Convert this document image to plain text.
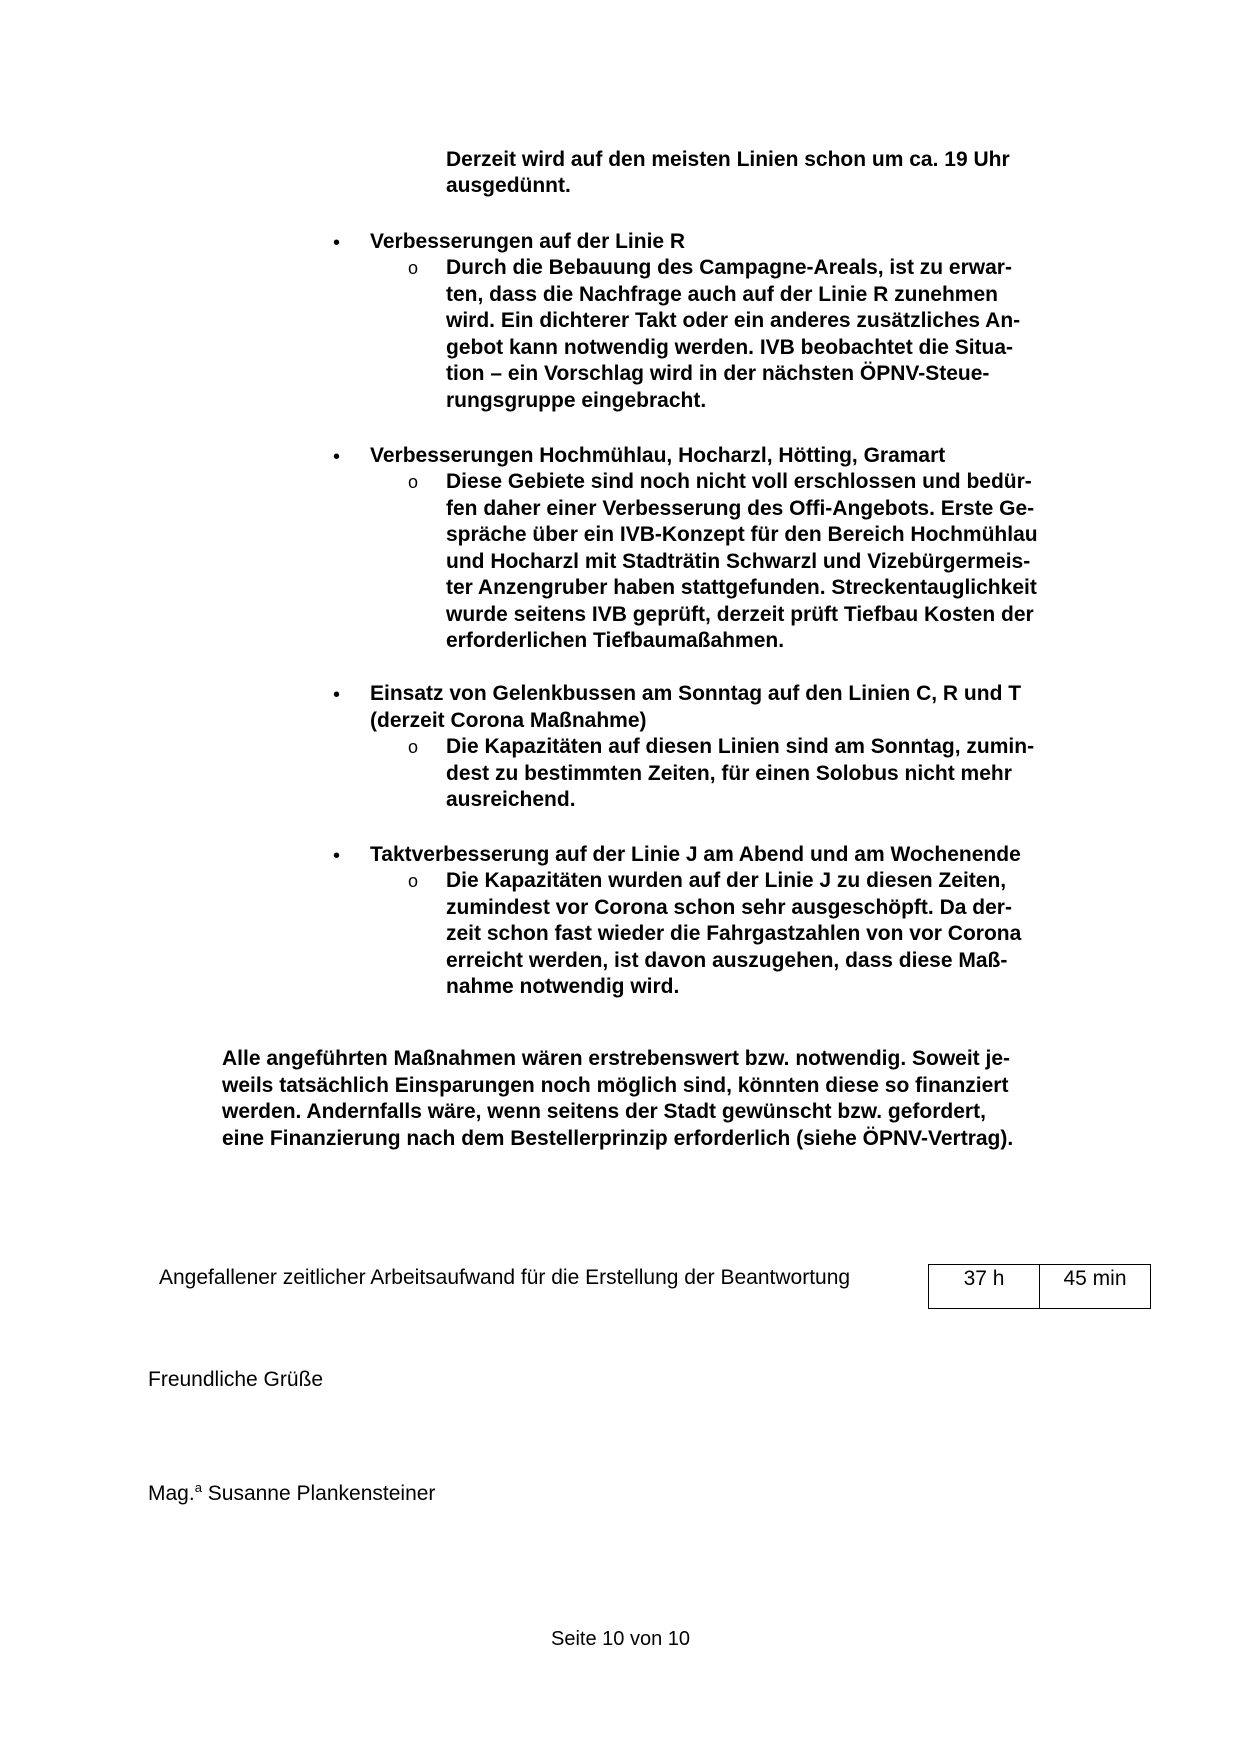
Derzeit wird auf den meisten Linien schon um ca. 19 Uhr
ausgedünnt.
• Verbesserungen auf der Linie R
o Durch die Bebauung des Campagne-Areals, ist zu erwar-
ten, dass die Nachfrage auch auf der Linie R zunehmen
wird. Ein dichterer Takt oder ein anderes zusätzliches An-
gebot kann notwendig werden. IVB beobachtet die Situa-
tion – ein Vorschlag wird in der nächsten ÖPNV-Steue-
rungsgruppe eingebracht.
• Verbesserungen Hochmühlau, Hocharzl, Hötting, Gramart
o Diese Gebiete sind noch nicht voll erschlossen und bedür-
fen daher einer Verbesserung des Offi-Angebots. Erste Ge-
spräche über ein IVB-Konzept für den Bereich Hochmühlau
und Hocharzl mit Stadträtin Schwarzl und Vizebürgermeis-
ter Anzengruber haben stattgefunden. Streckentauglichkeit
wurde seitens IVB geprüft, derzeit prüft Tiefbau Kosten der
erforderlichen Tiefbaumaßahmen.
• Einsatz von Gelenkbussen am Sonntag auf den Linien C, R und T
(derzeit Corona Maßnahme)
o Die Kapazitäten auf diesen Linien sind am Sonntag, zumin-
dest zu bestimmten Zeiten, für einen Solobus nicht mehr
ausreichend.
• Taktverbesserung auf der Linie J am Abend und am Wochenende
o Die Kapazitäten wurden auf der Linie J zu diesen Zeiten,
zumindest vor Corona schon sehr ausgeschöpft. Da der-
zeit schon fast wieder die Fahrgastzahlen von vor Corona
erreicht werden, ist davon auszugehen, dass diese Maß-
nahme notwendig wird.
Alle angeführten Maßnahmen wären erstrebenswert bzw. notwendig. Soweit je-
weils tatsächlich Einsparungen noch möglich sind, könnten diese so finanziert
werden. Andernfalls wäre, wenn seitens der Stadt gewünscht bzw. gefordert,
eine Finanzierung nach dem Bestellerprinzip erforderlich (siehe ÖPNV-Vertrag).
Angefallener zeitlicher Arbeitsaufwand für die Erstellung der Beantwortung	37 h	45 min
Freundliche Grüße
Mag.$^a$ Susanne Plankensteiner
Seite 10 von 10
